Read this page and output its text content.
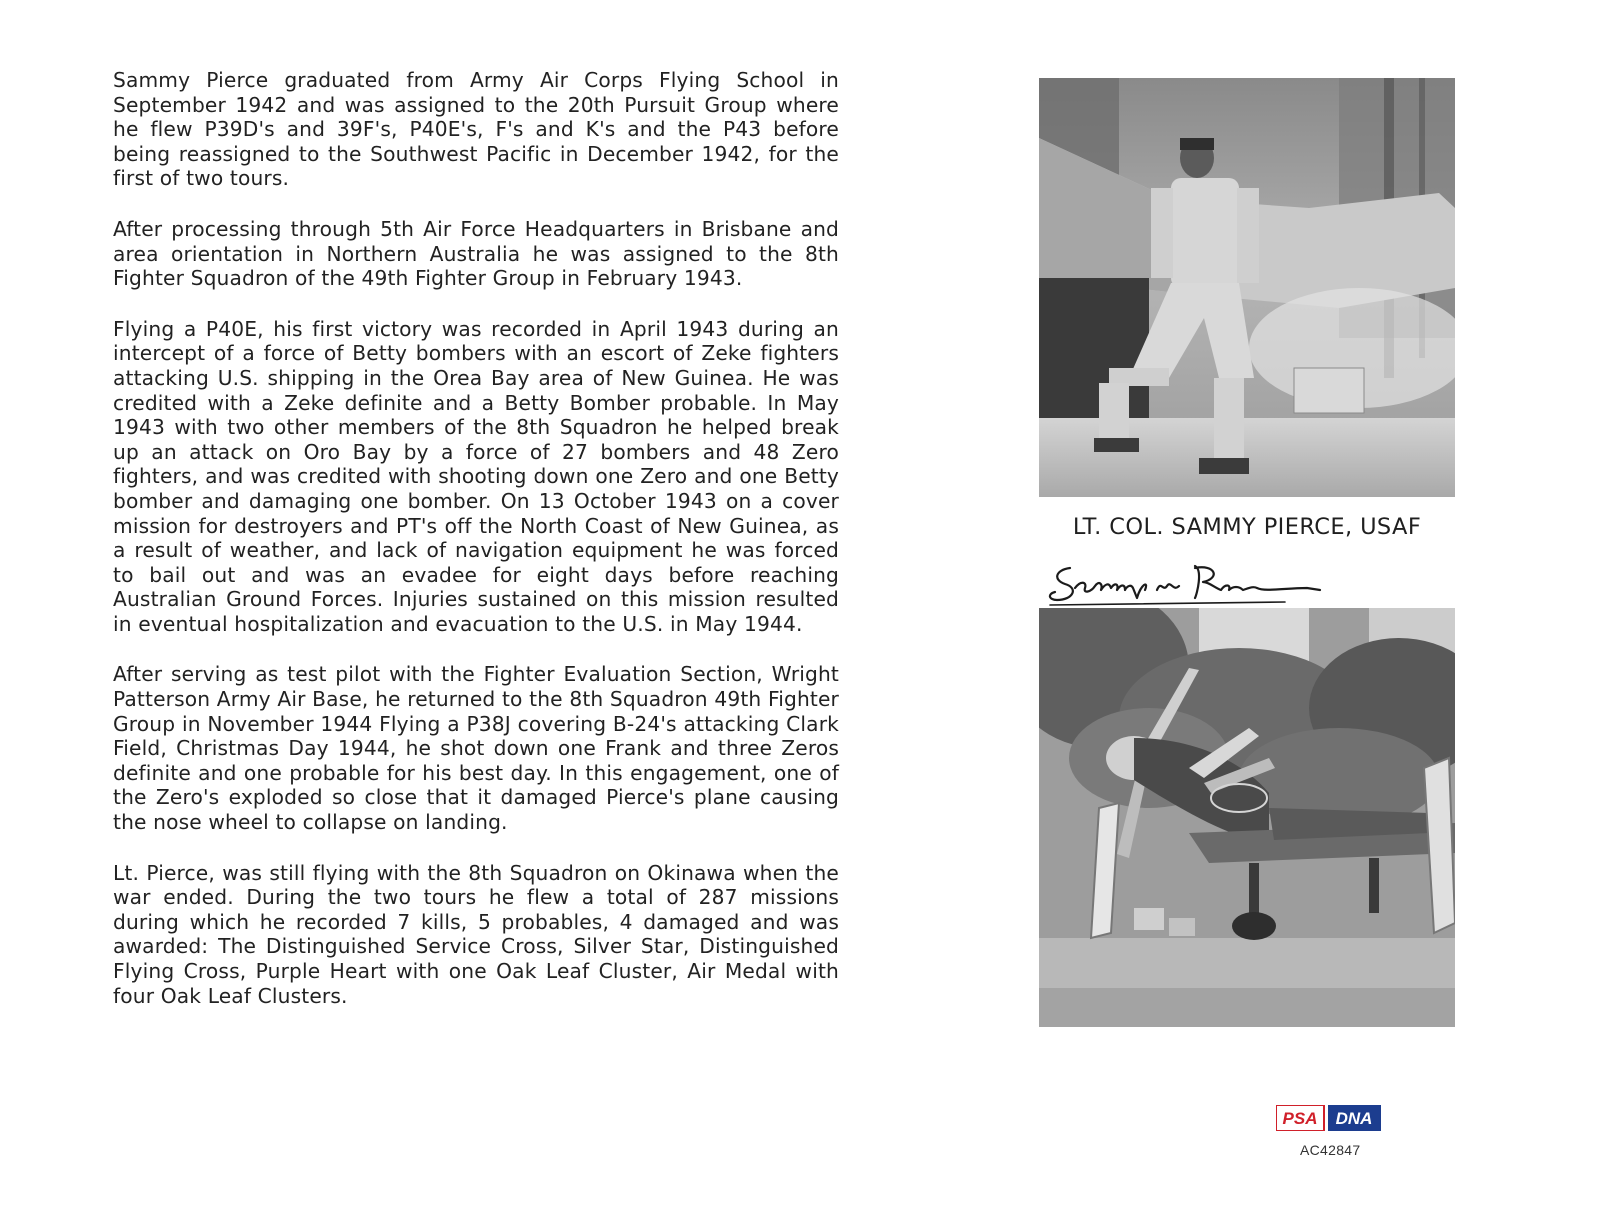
Sammy Pierce graduated from Army Air Corps Flying School in September 1942 and was assigned to the 20th Pursuit Group where he flew P39D's and 39F's, P40E's, F's and K's and the P43 before being reassigned to the Southwest Pacific in December 1942, for the first of two tours.

After processing through 5th Air Force Headquarters in Brisbane and area orientation in Northern Australia he was assigned to the 8th Fighter Squadron of the 49th Fighter Group in February 1943.

Flying a P40E, his first victory was recorded in April 1943 during an intercept of a force of Betty bombers with an escort of Zeke fighters attacking U.S. shipping in the Orea Bay area of New Guinea. He was credited with a Zeke definite and a Betty Bomber probable. In May 1943 with two other members of the 8th Squadron he helped break up an attack on Oro Bay by a force of 27 bombers and 48 Zero fighters, and was credited with shooting down one Zero and one Betty bomber and damaging one bomber. On 13 October 1943 on a cover mission for destroyers and PT's off the North Coast of New Guinea, as a result of weather, and lack of navigation equipment he was forced to bail out and was an evadee for eight days before reaching Australian Ground Forces. Injuries sustained on this mission resulted in eventual hospitalization and evacuation to the U.S. in May 1944.

After serving as test pilot with the Fighter Evaluation Section, Wright Patterson Army Air Base, he returned to the 8th Squadron 49th Fighter Group in November 1944 Flying a P38J covering B-24's attacking Clark Field, Christmas Day 1944, he shot down one Frank and three Zeros definite and one probable for his best day. In this engagement, one of the Zero's exploded so close that it damaged Pierce's plane causing the nose wheel to collapse on landing.

Lt. Pierce, was still flying with the 8th Squadron on Okinawa when the war ended. During the two tours he flew a total of 287 missions during which he recorded 7 kills, 5 probables, 4 damaged and was awarded: The Distinguished Service Cross, Silver Star, Distinguished Flying Cross, Purple Heart with one Oak Leaf Cluster, Air Medal with four Oak Leaf Clusters.

LT. COL. SAMMY PIERCE, USAF
PSA DNA
AC42847
